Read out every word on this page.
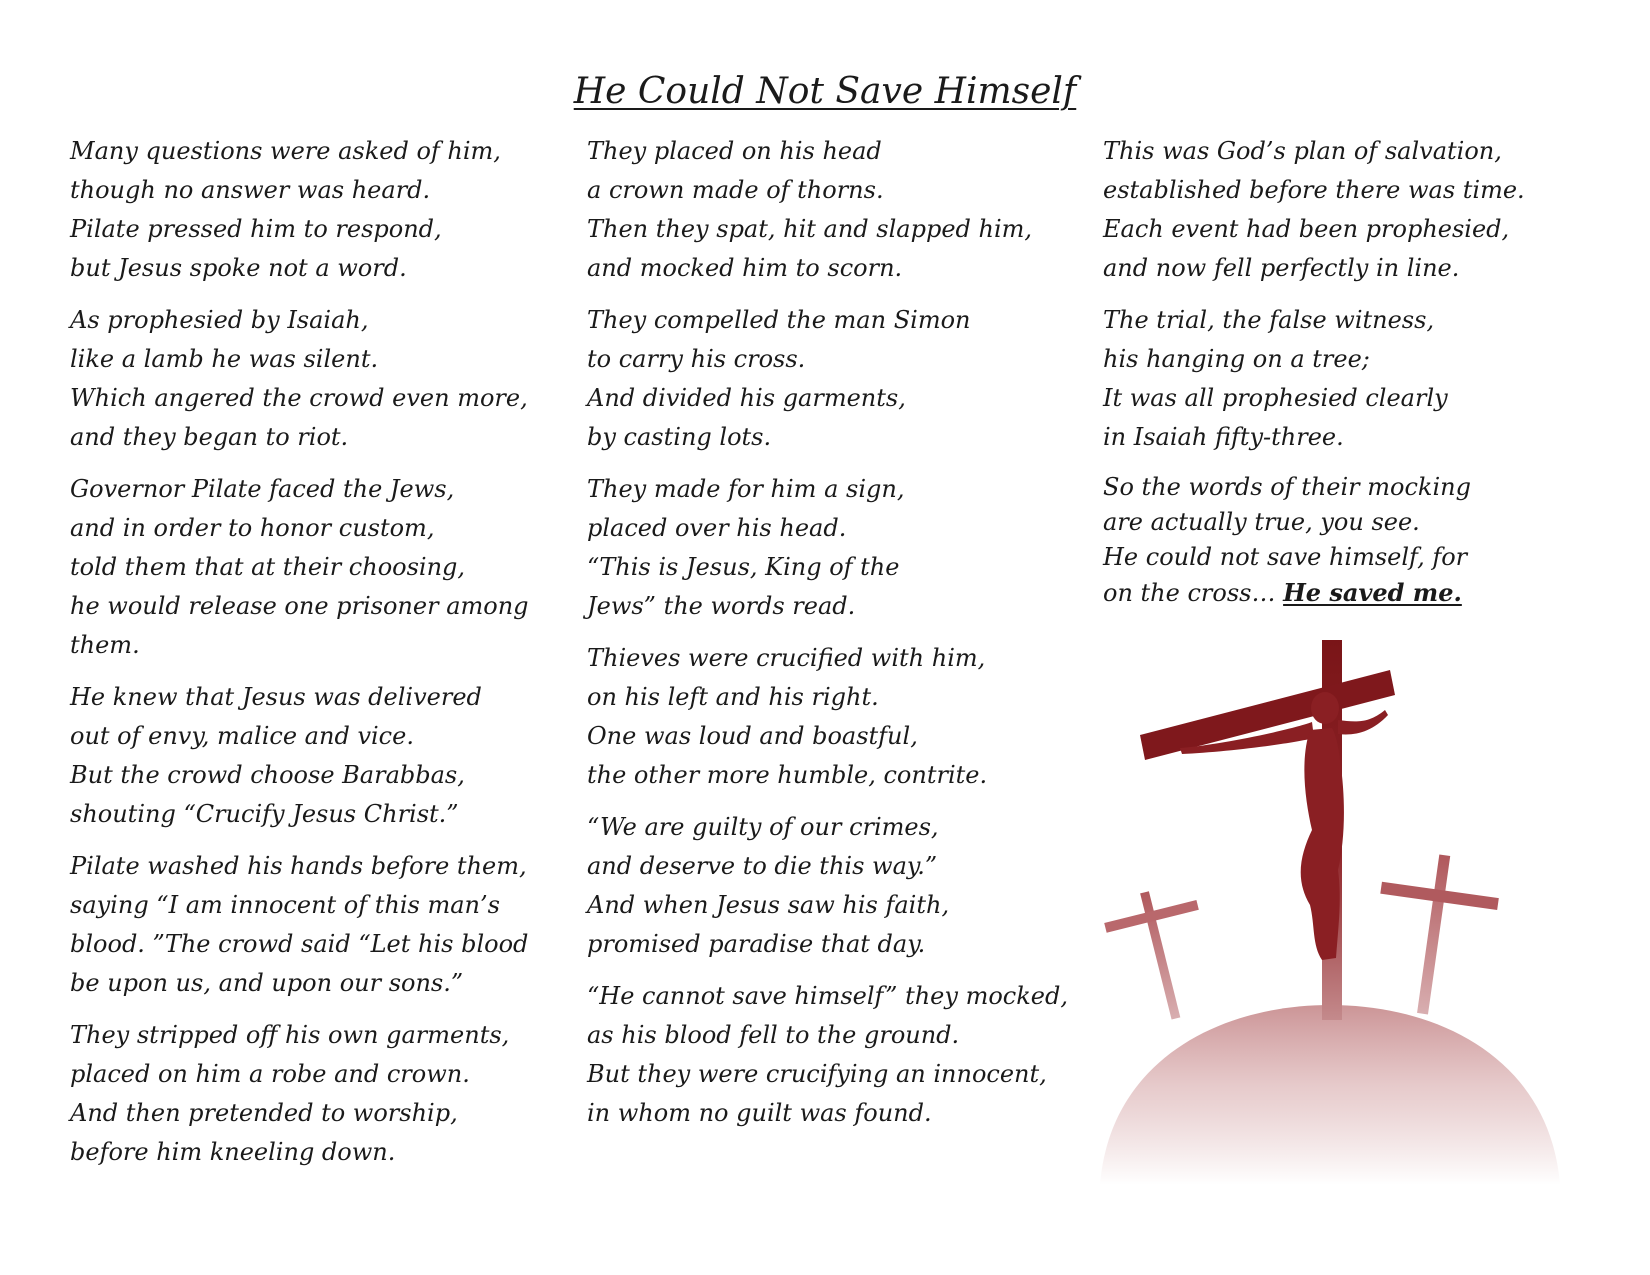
He Could Not Save Himself
Many questions were asked of him,
though no answer was heard.
Pilate pressed him to respond,
but Jesus spoke not a word.
As prophesied by Isaiah,
like a lamb he was silent.
Which angered the crowd even more,
and they began to riot.
Governor Pilate faced the Jews,
and in order to honor custom,
told them that at their choosing,
he would release one prisoner among
them.
He knew that Jesus was delivered
out of envy, malice and vice.
But the crowd choose Barabbas,
shouting “Crucify Jesus Christ.”
Pilate washed his hands before them,
saying “I am innocent of this man’s
blood. ”The crowd said “Let his blood
be upon us, and upon our sons.”
They stripped off his own garments,
placed on him a robe and crown.
And then pretended to worship,
before him kneeling down.
They placed on his head
a crown made of thorns.
Then they spat, hit and slapped him,
and mocked him to scorn.
They compelled the man Simon
to carry his cross.
And divided his garments,
by casting lots.
They made for him a sign,
placed over his head.
“This is Jesus, King of the
Jews” the words read.
Thieves were crucified with him,
on his left and his right.
One was loud and boastful,
the other more humble, contrite.
“We are guilty of our crimes,
and deserve to die this way.”
And when Jesus saw his faith,
promised paradise that day.
“He cannot save himself” they mocked,
as his blood fell to the ground.
But they were crucifying an innocent,
in whom no guilt was found.
This was God’s plan of salvation,
established before there was time.
Each event had been prophesied,
and now fell perfectly in line.
The trial, the false witness,
his hanging on a tree;
It was all prophesied clearly
in Isaiah fifty-three.
So the words of their mocking
are actually true, you see.
He could not save himself, for
on the cross… He saved me.
